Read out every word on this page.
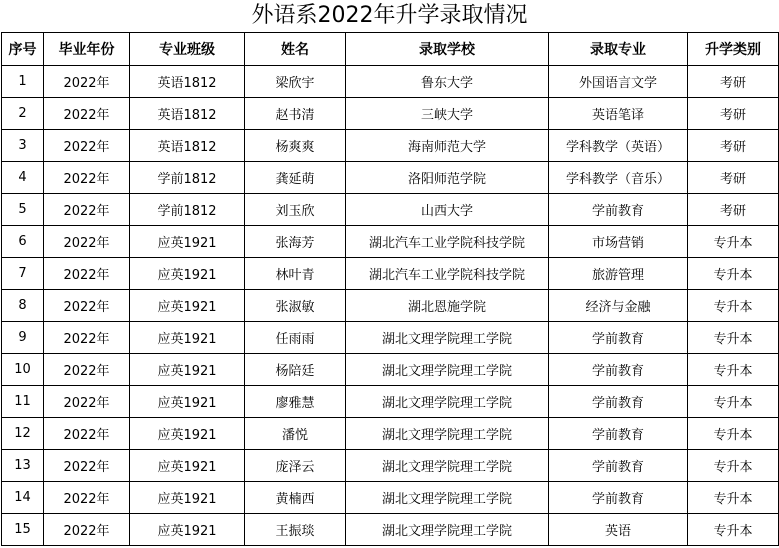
外语系2022年升学录取情况
序号	毕业年份	专业班级	姓名	录取学校	录取专业	升学类别
1	2022年	英语1812	梁欣宇	鲁东大学	外国语言文学	考研
2	2022年	英语1812	赵书清	三峡大学	英语笔译	考研
3	2022年	英语1812	杨爽爽	海南师范大学	学科教学（英语）	考研
4	2022年	学前1812	龚延萌	洛阳师范学院	学科教学（音乐）	考研
5	2022年	学前1812	刘玉欣	山西大学	学前教育	考研
6	2022年	应英1921	张海芳	湖北汽车工业学院科技学院	市场营销	专升本
7	2022年	应英1921	林叶青	湖北汽车工业学院科技学院	旅游管理	专升本
8	2022年	应英1921	张淑敏	湖北恩施学院	经济与金融	专升本
9	2022年	应英1921	任雨雨	湖北文理学院理工学院	学前教育	专升本
10	2022年	应英1921	杨陪廷	湖北文理学院理工学院	学前教育	专升本
11	2022年	应英1921	廖雅慧	湖北文理学院理工学院	学前教育	专升本
12	2022年	应英1921	潘悦	湖北文理学院理工学院	学前教育	专升本
13	2022年	应英1921	庞泽云	湖北文理学院理工学院	学前教育	专升本
14	2022年	应英1921	黄楠西	湖北文理学院理工学院	学前教育	专升本
15	2022年	应英1921	王振琰	湖北文理学院理工学院	英语	专升本
